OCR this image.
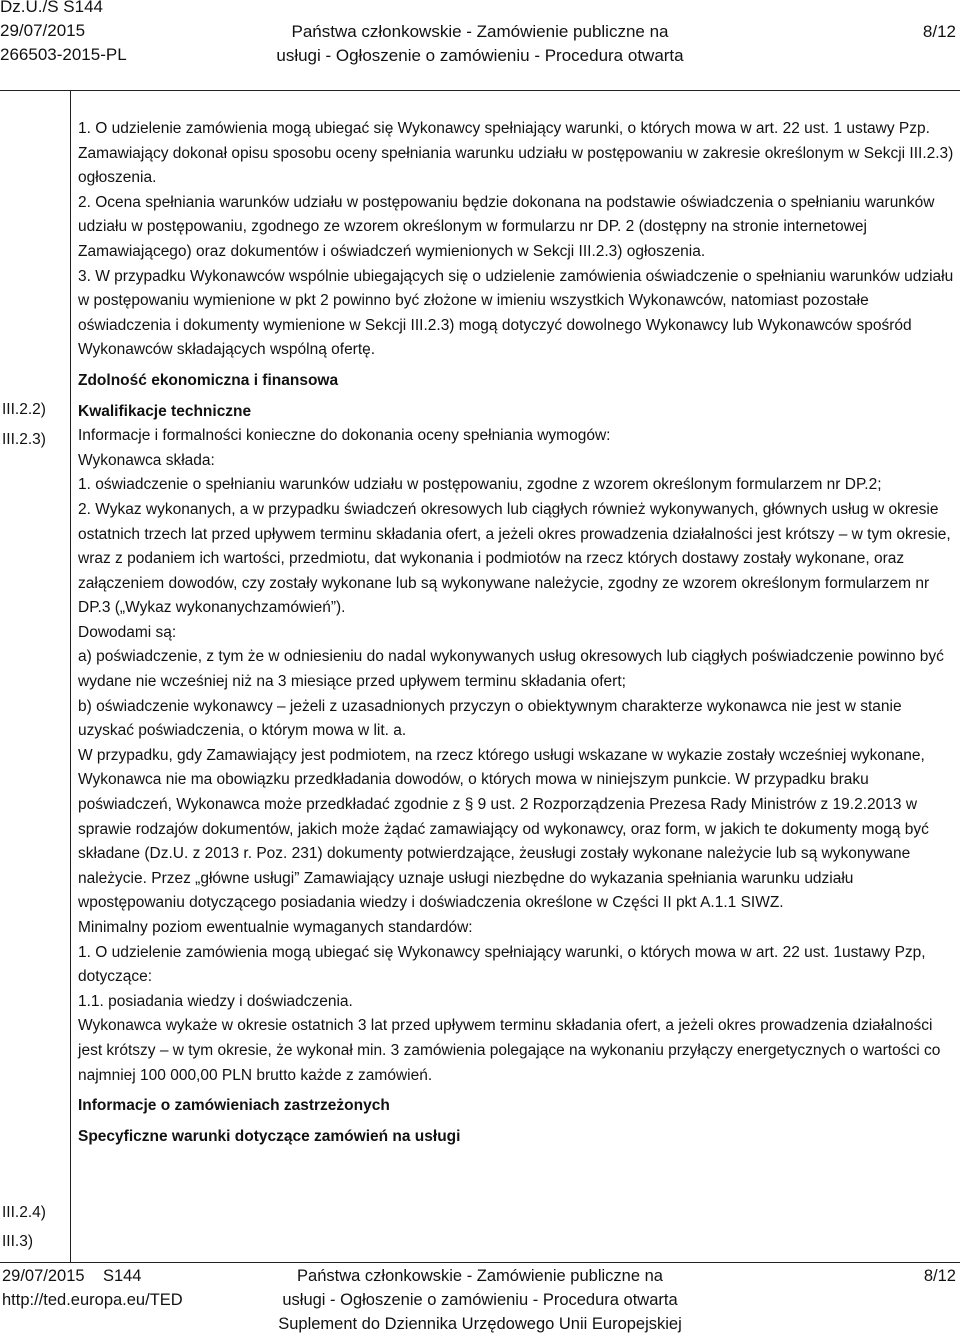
Dz.U./S S144
29/07/2015
266503-2015-PL
Państwa członkowskie - Zamówienie publiczne na
usługi - Ogłoszenie o zamówieniu - Procedura otwarta
8/12
III.2.2)
III.2.3)
III.2.4)
III.3)
1. O udzielenie zamówienia mogą ubiegać się Wykonawcy spełniający warunki, o których mowa w art. 22 ust. 1 ustawy Pzp. Zamawiający dokonał opisu sposobu oceny spełniania warunku udziału w postępowaniu w zakresie określonym w Sekcji III.2.3) ogłoszenia.
2. Ocena spełniania warunków udziału w postępowaniu będzie dokonana na podstawie oświadczenia o spełnianiu warunków udziału w postępowaniu, zgodnego ze wzorem określonym w formularzu nr DP. 2 (dostępny na stronie internetowej Zamawiającego) oraz dokumentów i oświadczeń wymienionych w Sekcji III.2.3) ogłoszenia.
3. W przypadku Wykonawców wspólnie ubiegających się o udzielenie zamówienia oświadczenie o spełnianiu warunków udziału w postępowaniu wymienione w pkt 2 powinno być złożone w imieniu wszystkich Wykonawców, natomiast pozostałe oświadczenia i dokumenty wymienione w Sekcji III.2.3) mogą dotyczyć dowolnego Wykonawcy lub Wykonawców spośród Wykonawców składających wspólną ofertę.
Zdolność ekonomiczna i finansowa
Kwalifikacje techniczne
Informacje i formalności konieczne do dokonania oceny spełniania wymogów:
Wykonawca składa:
1. oświadczenie o spełnianiu warunków udziału w postępowaniu, zgodne z wzorem określonym formularzem nr DP.2;
2. Wykaz wykonanych, a w przypadku świadczeń okresowych lub ciągłych również wykonywanych, głównych usług w okresie ostatnich trzech lat przed upływem terminu składania ofert, a jeżeli okres prowadzenia działalności jest krótszy – w tym okresie, wraz z podaniem ich wartości, przedmiotu, dat wykonania i podmiotów na rzecz których dostawy zostały wykonane, oraz załączeniem dowodów, czy zostały wykonane lub są wykonywane należycie, zgodny ze wzorem określonym formularzem nr DP.3 („Wykaz wykonanychzamówień”).
Dowodami są:
a) poświadczenie, z tym że w odniesieniu do nadal wykonywanych usług okresowych lub ciągłych poświadczenie powinno być wydane nie wcześniej niż na 3 miesiące przed upływem terminu składania ofert;
b) oświadczenie wykonawcy – jeżeli z uzasadnionych przyczyn o obiektywnym charakterze wykonawca nie jest w stanie uzyskać poświadczenia, o którym mowa w lit. a.
W przypadku, gdy Zamawiający jest podmiotem, na rzecz którego usługi wskazane w wykazie zostały wcześniej wykonane, Wykonawca nie ma obowiązku przedkładania dowodów, o których mowa w niniejszym punkcie. W przypadku braku poświadczeń, Wykonawca może przedkładać zgodnie z § 9 ust. 2 Rozporządzenia Prezesa Rady Ministrów z 19.2.2013 w sprawie rodzajów dokumentów, jakich może żądać zamawiający od wykonawcy, oraz form, w jakich te dokumenty mogą być składane (Dz.U. z 2013 r. Poz. 231) dokumenty potwierdzające, żeusługi zostały wykonane należycie lub są wykonywane należycie. Przez „główne usługi” Zamawiający uznaje usługi niezbędne do wykazania spełniania warunku udziału wpostępowaniu dotyczącego posiadania wiedzy i doświadczenia określone w Części II pkt A.1.1 SIWZ.
Minimalny poziom ewentualnie wymaganych standardów:
1. O udzielenie zamówienia mogą ubiegać się Wykonawcy spełniający warunki, o których mowa w art. 22 ust. 1ustawy Pzp, dotyczące:
1.1. posiadania wiedzy i doświadczenia.
Wykonawca wykaże w okresie ostatnich 3 lat przed upływem terminu składania ofert, a jeżeli okres prowadzenia działalności jest krótszy – w tym okresie, że wykonał min. 3 zamówienia polegające na wykonaniu przyłączy energetycznych o wartości co najmniej 100 000,00 PLN brutto każde z zamówień.
Informacje o zamówieniach zastrzeżonych
Specyficzne warunki dotyczące zamówień na usługi
29/07/2015 S144
http://ted.europa.eu/TED
Państwa członkowskie - Zamówienie publiczne na
usługi - Ogłoszenie o zamówieniu - Procedura otwarta
Suplement do Dziennika Urzędowego Unii Europejskiej
8/12
